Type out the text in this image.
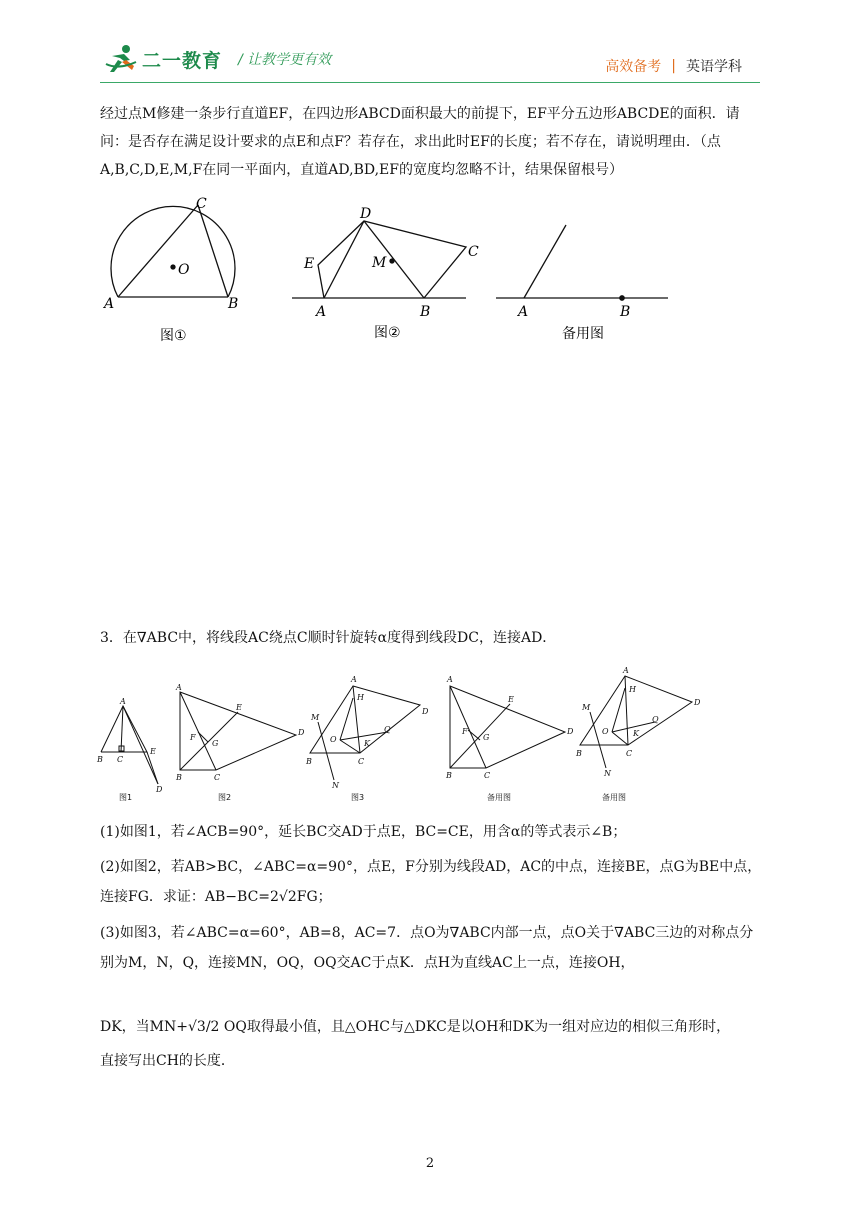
二一教育 / 让教学更有效	高效备考 | 英语学科

经过点M修建一条步行直道EF，在四边形ABCD面积最大的前提下，EF平分五边形ABCDE的面积．请问：是否存在满足设计要求的点E和点F？若存在，求出此时EF的长度；若不存在，请说明理由．（点A,B,C,D,E,M,F在同一平面内，直道AD,BD,EF的宽度均忽略不计，结果保留根号）

A	B
C
O
A	B
C
D
E	M
A	B
图①	图②	备用图
3．在∇ABC中，将线段AC绕点C顺时针旋转α度得到线段DC，连接AD．
A
B C
E
D
A
B	C
E
D
F
G
A
B	C
D
H
K
M
N
O
Q
A
B	C
E
D
F
G
A
B	C
D
H
K
M
N
O
Q
图1	图2	图3	备用图	备用图

(1)如图1，若∠ACB=90°，延长BC交AD于点E，BC=CE，用含α的等式表示∠B；

(2)如图2，若AB>BC，∠ABC=α=90°，点E，F分别为线段AD，AC的中点，连接BE，点G为BE中点，连接FG．求证：AB−BC=2√2FG；

(3)如图3，若∠ABC=α=60°，AB=8，AC=7．点O为∇ABC内部一点，点O关于∇ABC三边的对称点分别为M，N，Q，连接MN，OQ，OQ交AC于点K．点H为直线AC上一点，连接OH，

DK，当MN+√3/2 OQ取得最小值，且△OHC与△DKC是以OH和DK为一组对应边的相似三角形时，

直接写出CH的长度．

2
